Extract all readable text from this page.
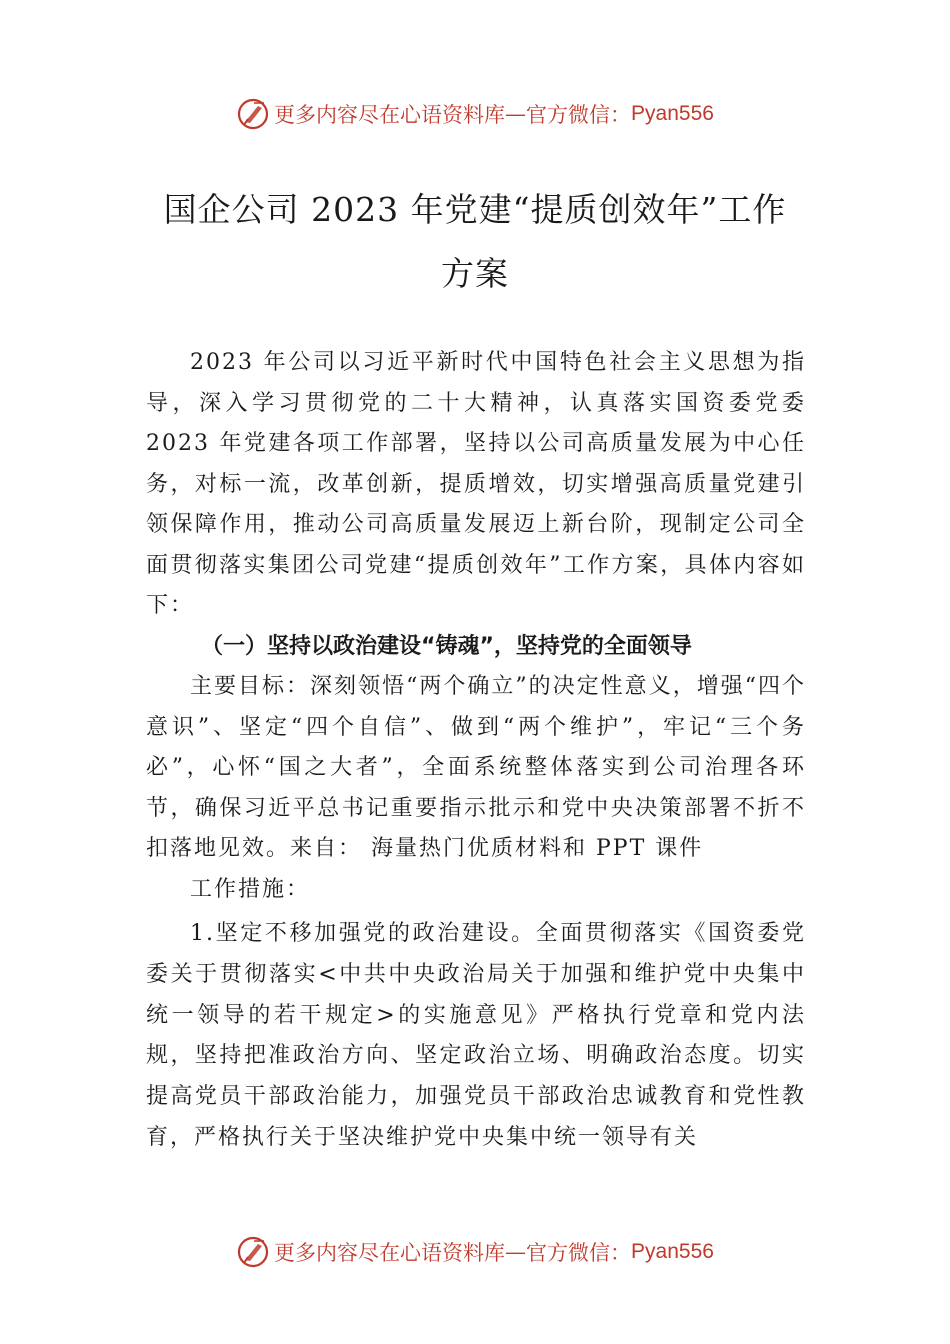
更多内容尽在心语资料库 — 官方微信： Pyan556
国企公司 2023 年党建“提质创效年”工作
方案

2023 年公司以习近平新时代中国特色社会主义思想为指导，深入学习贯彻党的二十大精神，认真落实国资委党委 2023 年党建各项工作部署，坚持以公司高质量发展为中心任务，对标一流，改革创新，提质增效，切实增强高质量党建引领保障作用，推动公司高质量发展迈上新台阶，现制定公司全面贯彻落实集团公司党建“提质创效年”工作方案，具体内容如下：

（一）坚持以政治建设“铸魂”，坚持党的全面领导

主要目标：深刻领悟“两个确立”的决定性意义，增强“四个意识”、坚定“四个自信”、做到“两个维护”，牢记“三个务必”，心怀“国之大者”，全面系统整体落实到公司治理各环节，确保习近平总书记重要指示批示和党中央决策部署不折不扣落地见效。来自： 海量热门优质材料和 PPT 课件

工作措施：

1.坚定不移加强党的政治建设。全面贯彻落实《国资委党委关于贯彻落实<中共中央政治局关于加强和维护党中央集中统一领导的若干规定>的实施意见》严格执行党章和党内法规，坚持把准政治方向、坚定政治立场、明确政治态度。切实提高党员干部政治能力，加强党员干部政治忠诚教育和党性教育，严格执行关于坚决维护党中央集中统一领导有关

更多内容尽在心语资料库 — 官方微信： Pyan556
